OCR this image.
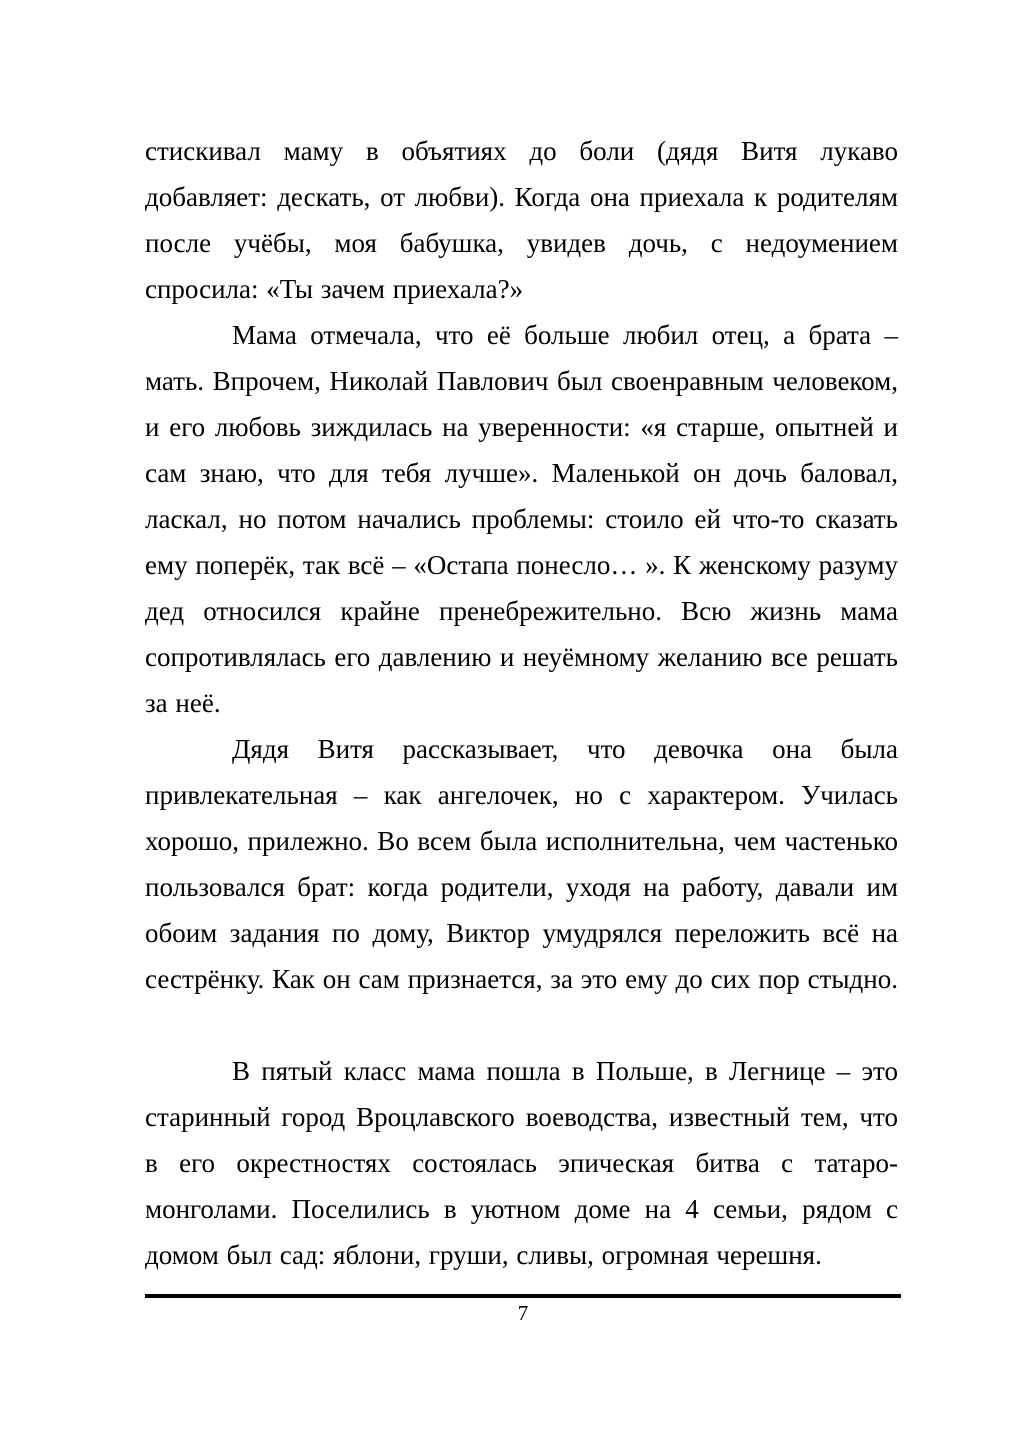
стискивал маму в объятиях до боли (дядя Витя лукаво
добавляет: дескать, от любви). Когда она приехала к родителям
после учёбы, моя бабушка, увидев дочь, с недоумением
спросила: «Ты зачем приехала?»
Мама отмечала, что её больше любил отец, а брата –
мать. Впрочем, Николай Павлович был своенравным человеком,
и его любовь зиждилась на уверенности: «я старше, опытней и
сам знаю, что для тебя лучше». Маленькой он дочь баловал,
ласкал, но потом начались проблемы: стоило ей что-то сказать
ему поперёк, так всё – «Остапа понесло… ». К женскому разуму
дед относился крайне пренебрежительно. Всю жизнь мама
сопротивлялась его давлению и неуёмному желанию все решать
за неё.
Дядя Витя рассказывает, что девочка она была
привлекательная – как ангелочек, но с характером. Училась
хорошо, прилежно. Во всем была исполнительна, чем частенько
пользовался брат: когда родители, уходя на работу, давали им
обоим задания по дому, Виктор умудрялся переложить всё на
сестрёнку. Как он сам признается, за это ему до сих пор стыдно.
В пятый класс мама пошла в Польше, в Легнице – это
старинный город Вроцлавского воеводства, известный тем, что
в его окрестностях состоялась эпическая битва с татаро-
монголами. Поселились в уютном доме на 4 семьи, рядом с
домом был сад: яблони, груши, сливы, огромная черешня.
7
